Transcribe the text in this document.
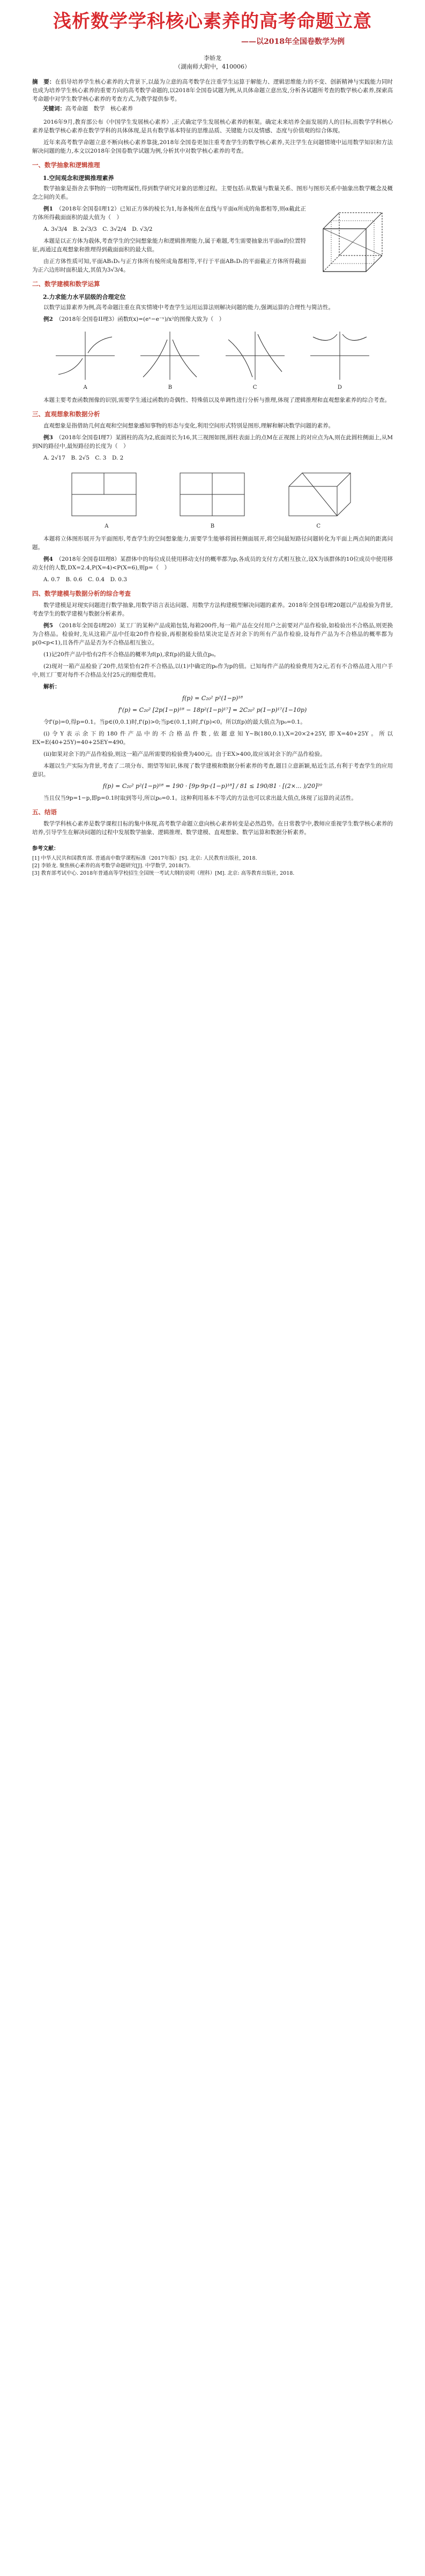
浅析数学学科核心素养的高考命题立意
——以2018年全国卷数学为例
李娇龙
（湖南师大附中，410006）
摘　要：在倡导培养学生核心素养的大背景下,以最为立意的高考数学在注重学生运算于解能力、逻辑思维能力的不变、创新精神与实践能力同时也成为培养学生核心素养的重要方向的高考数学命题的,以2018年全国卷试题为例,从具体命题立意出发,分析各试题所考查的数学核心素养,探索高考命题中对学生数学核心素养的考查方式,为教学提供参考。
关键词：高考命题　数学　核心素养

2016年9月,教育部公布《中国学生发展核心素养》,正式确定学生发展核心素养的框架。确定未来培养全面发展的人的目标,而数学学科核心素养是数学核心素养在数学学科的具体体现,是具有数学基本特征的思维品质、关键能力以及情感、态度与价值观的综合体现。

近年来高考数学命题立意不断向核心素养靠拢,2018年全国卷更加注重考查学生的数学核心素养,关注学生在问题情境中运用数学知识和方法解决问题的能力,本文以2018年全国卷数学试题为例,分析其中对数学核心素养的考查。

一、数学抽象和逻辑推理
1.空间观念和逻辑推理素养

数学抽象是指舍去事物的一切物理属性,得到数学研究对象的思维过程。主要包括:从数量与数量关系、图形与图形关系中抽象出数学概念及概念之间的关系。

例1　 （2018年全国卷I理12）已知正方体的棱长为1,每条棱所在直线与平面α所成的角都相等,则α截此正方体所得截面面积的最大值为（　）

A. 3√3/4　B. 2√3/3　C. 3√2/4　D. √3/2

本题是以正方体为载体,考查学生的空间想象能力和逻辑推理能力,属于难题,考生需要抽象出平面α的位置特征,再通过直观想象和推理得到截面面积的最大值。

由正方体性质可知,平面AB₁D₁与正方体所有棱所成角都相等,平行于平面AB₁D₁的平面截正方体所得截面为正六边形时面积最大,其值为3√3/4。

二、数学建模和数学运算
2.力求能力水平层级的合理定位

以数学运算素养为例,高考命题注重在真实情境中考查学生运用运算法则解决问题的能力,强调运算的合理性与简洁性。

例2　 （2018年全国卷II理3）函数f(x)=(eˣ−e⁻ˣ)/x²的图像大致为（　）

A	B	C	D

本题主要考查函数图像的识别,需要学生通过函数的奇偶性、特殊值以及单调性进行分析与推理,体现了逻辑推理和直观想象素养的综合考查。

三、直观想象和数据分析

直观想象是指借助几何直观和空间想象感知事物的形态与变化,利用空间形式特别是图形,理解和解决数学问题的素养。

例3　 （2018年全国卷I理7）某圆柱的高为2,底面周长为16,其三视图如图,圆柱表面上的点M在正视图上的对应点为A,则在此圆柱侧面上,从M到N的路径中,最短路径的长度为（　）

A. 2√17　B. 2√5　C. 3　D. 2

A	B	C

本题将立体图形展开为平面图形,考查学生的空间想象能力,需要学生能够将圆柱侧面展开,将空间最短路径问题转化为平面上两点间的距离问题。

例4　 （2018年全国卷III理8）某群体中的每位成员使用移动支付的概率都为p,各成员的支付方式相互独立,设X为该群体的10位成员中使用移动支付的人数,DX=2.4,P(X=4)<P(X=6),则p=（　）

A. 0.7　B. 0.6　C. 0.4　D. 0.3

四、数学建模与数据分析的综合考查

数学建模是对现实问题进行数学抽象,用数学语言表达问题、用数学方法构建模型解决问题的素养。2018年全国卷I理20题以产品检验为背景,考查学生的数学建模与数据分析素养。

例5　 （2018年全国卷I理20）某工厂的某种产品成箱包装,每箱200件,每一箱产品在交付用户之前要对产品作检验,如检验出不合格品,则更换为合格品。检验时,先从这箱产品中任取20件作检验,再根据检验结果决定是否对余下的所有产品作检验,设每件产品为不合格品的概率都为p(0<p<1),且各件产品是否为不合格品相互独立。

(1)记20件产品中恰有2件不合格品的概率为f(p),求f(p)的最大值点p₀。

(2)现对一箱产品检验了20件,结果恰有2件不合格品,以(1)中确定的p₀作为p的值。已知每件产品的检验费用为2元,若有不合格品进入用户手中,则工厂要对每件不合格品支付25元的赔偿费用。

解析：

f(p) = C₂₀² p²(1−p)¹⁸
f'(p) = C₂₀² [2p(1−p)¹⁸ − 18p²(1−p)¹⁷] = 2C₂₀² p(1−p)¹⁷(1−10p)

令f'(p)=0,得p=0.1。当p∈(0,0.1)时,f'(p)>0;当p∈(0.1,1)时,f'(p)<0。所以f(p)的最大值点为p₀=0.1。

(i)令Y表示余下的180件产品中的不合格品件数,依题意知Y~B(180,0.1),X=20×2+25Y,即X=40+25Y。所以EX=E(40+25Y)=40+25EY=490。

(ii)如果对余下的产品作检验,则这一箱产品所需要的检验费为400元。由于EX>400,故应该对余下的产品作检验。

本题以生产实际为背景,考查了二项分布、期望等知识,体现了数学建模和数据分析素养的考查,题目立意新颖,贴近生活,有利于考查学生的应用意识。

f(p) = C₂₀² p²(1−p)¹⁸ = 190 · [9p·9p·(1−p)¹⁸] / 81 ≤ 190/81 · [(2×... )/20]²⁰

当且仅当9p=1−p,即p=0.1时取到等号,所以p₀=0.1。这种利用基本不等式的方法也可以求出最大值点,体现了运算的灵活性。

五、结语

数学学科核心素养是数学课程目标的集中体现,高考数学命题立意向核心素养转变是必然趋势。在日常教学中,教师应重视学生数学核心素养的培养,引导学生在解决问题的过程中发展数学抽象、逻辑推理、数学建模、直观想象、数学运算和数据分析素养。

参考文献：
[1] 中华人民共和国教育部. 普通高中数学课程标准（2017年版）[S]. 北京: 人民教育出版社, 2018.
[2] 李娇龙. 聚焦核心素养的高考数学命题研究[J]. 中学数学, 2018(7).
[3] 教育部考试中心. 2018年普通高等学校招生全国统一考试大纲的说明（理科）[M]. 北京: 高等教育出版社, 2018.
